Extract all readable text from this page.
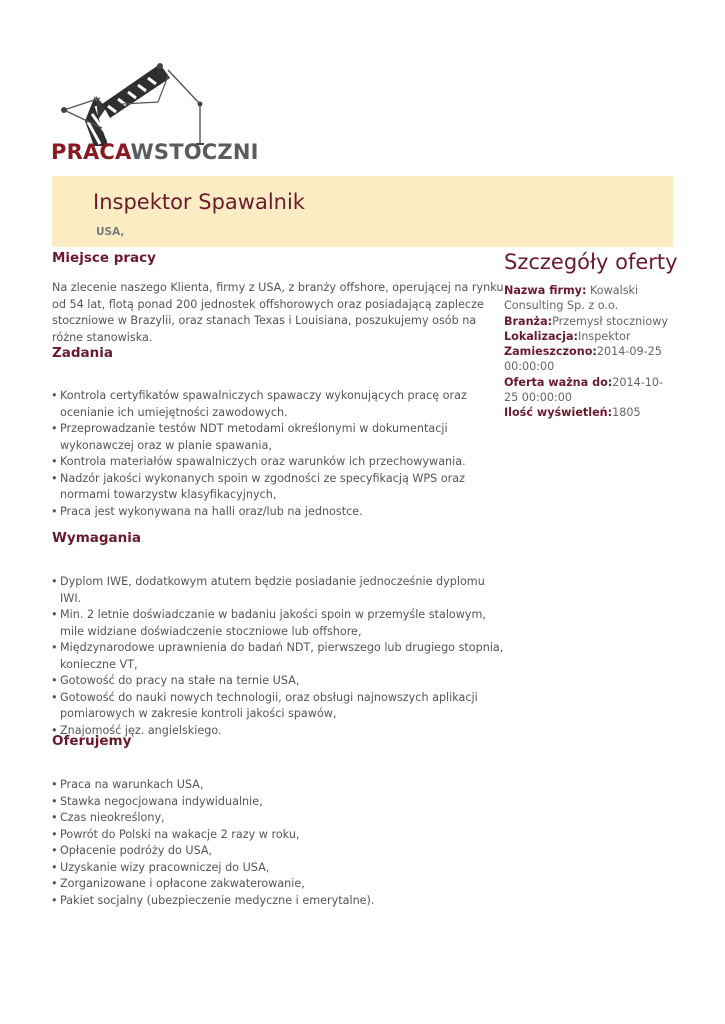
PRACAWSTOCZNI
Inspektor Spawalnik
USA,
Miejsce pracy
Na zlecenie naszego Klienta, firmy z USA, z branży offshore, operującej na rynku od 54 lat, flotą ponad 200 jednostek offshorowych oraz posiadającą zaplecze stoczniowe w Brazylii, oraz stanach Texas i Louisiana, poszukujemy osób na różne stanowiska.
Zadania
• Kontrola certyfikatów spawalniczych spawaczy wykonujących pracę oraz ocenianie ich umiejętności zawodowych.
• Przeprowadzanie testów NDT metodami określonymi w dokumentacji wykonawczej oraz w planie spawania,
• Kontrola materiałów spawalniczych oraz warunków ich przechowywania.
• Nadzór jakości wykonanych spoin w zgodności ze specyfikacją WPS oraz normami towarzystw klasyfikacyjnych,
• Praca jest wykonywana na halli oraz/lub na jednostce.
Wymagania
• Dyplom IWE, dodatkowym atutem będzie posiadanie jednocześnie dyplomu IWI.
• Min. 2 letnie doświadczanie w badaniu jakości spoin w przemyśle stalowym, mile widziane doświadczenie stoczniowe lub offshore,
• Międzynarodowe uprawnienia do badań NDT, pierwszego lub drugiego stopnia, konieczne VT,
• Gotowość do pracy na stałe na ternie USA,
• Gotowość do nauki nowych technologii, oraz obsługi najnowszych aplikacji pomiarowych w zakresie kontroli jakości spawów,
• Znajomość jęz. angielskiego.
Oferujemy
• Praca na warunkach USA,
• Stawka negocjowana indywidualnie,
• Czas nieokreślony,
• Powrót do Polski na wakacje 2 razy w roku,
• Opłacenie podróży do USA,
• Uzyskanie wizy pracowniczej do USA,
• Zorganizowane i opłacone zakwaterowanie,
• Pakiet socjalny (ubezpieczenie medyczne i emerytalne).
Szczegóły oferty
Nazwa firmy: Kowalski Consulting Sp. z o.o.
Branża:Przemysł stoczniowy
Lokalizacja:Inspektor
Zamieszczono:2014-09-25 00:00:00
Oferta ważna do:2014-10-25 00:00:00
Ilość wyświetleń:1805
